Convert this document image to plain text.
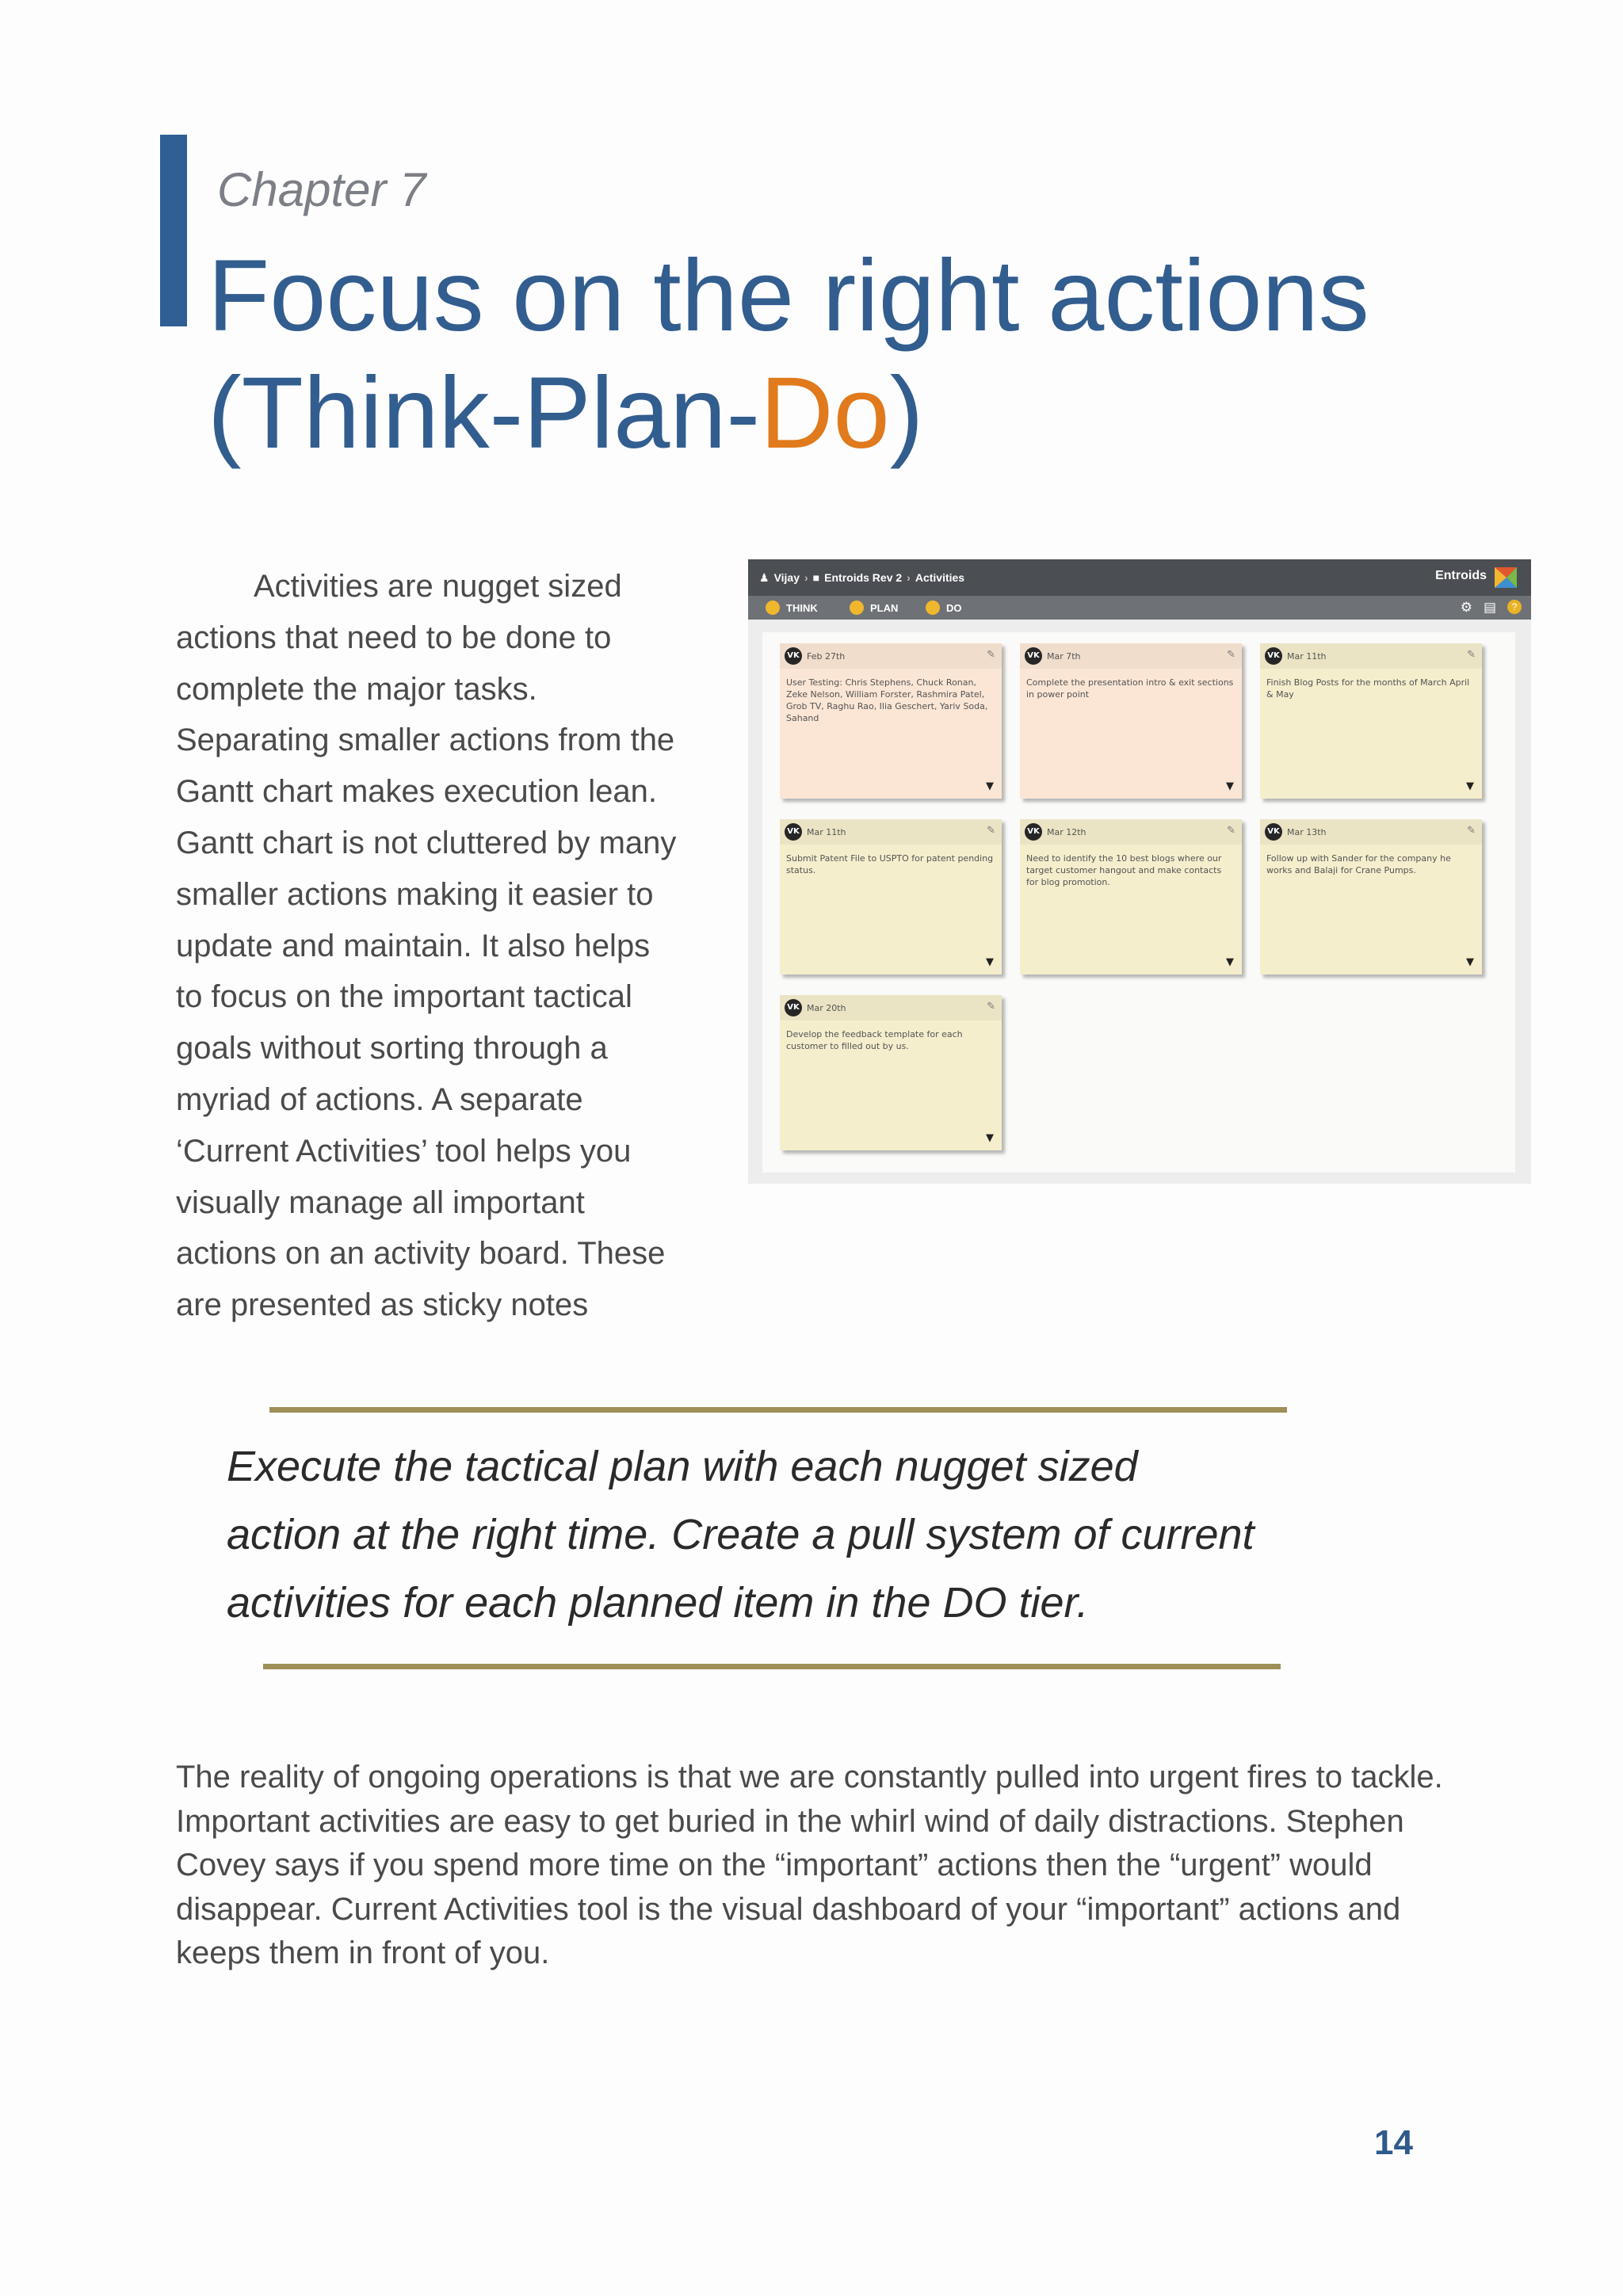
Chapter 7
Focus on the right actions
(Think-Plan-Do)
Activities are nugget sized
actions that need to be done to
complete the major tasks.
Separating smaller actions from the
Gantt chart makes execution lean.
Gantt chart is not cluttered by many
smaller actions making it easier to
update and maintain. It also helps
to focus on the important tactical
goals without sorting through a
myriad of actions. A separate
‘Current Activities’ tool helps you
visually manage all important
actions on an activity board. These
are presented as sticky notes
♟ Vijay › ■ Entroids Rev 2 › Activities	Entroids
THINK	PLAN	DO	⚙ ▤	?
VK Feb 27th	✎
User Testing: Chris Stephens, Chuck Ronan, Zeke Nelson, William Forster, Rashmira Patel, Grob TV, Raghu Rao, Ilia Geschert, Yariv Soda, Sahand
▼
VK Mar 7th	✎
Complete the presentation intro & exit sections in power point
▼
VK Mar 11th	✎
Finish Blog Posts for the months of March April & May
▼
VK Mar 11th	✎
Submit Patent File to USPTO for patent pending status.
▼
VK Mar 12th	✎
Need to identify the 10 best blogs where our target customer hangout and make contacts for blog promotion.
▼
VK Mar 13th	✎
Follow up with Sander for the company he works and Balaji for Crane Pumps.
▼
VK Mar 20th	✎
Develop the feedback template for each customer to filled out by us.
▼
Execute the tactical plan with each nugget sized
action at the right time. Create a pull system of current
activities for each planned item in the DO tier.
The reality of ongoing operations is that we are constantly pulled into urgent fires to tackle.
Important activities are easy to get buried in the whirl wind of daily distractions. Stephen
Covey says if you spend more time on the “important” actions then the “urgent” would
disappear. Current Activities tool is the visual dashboard of your “important” actions and
keeps them in front of you.
14
